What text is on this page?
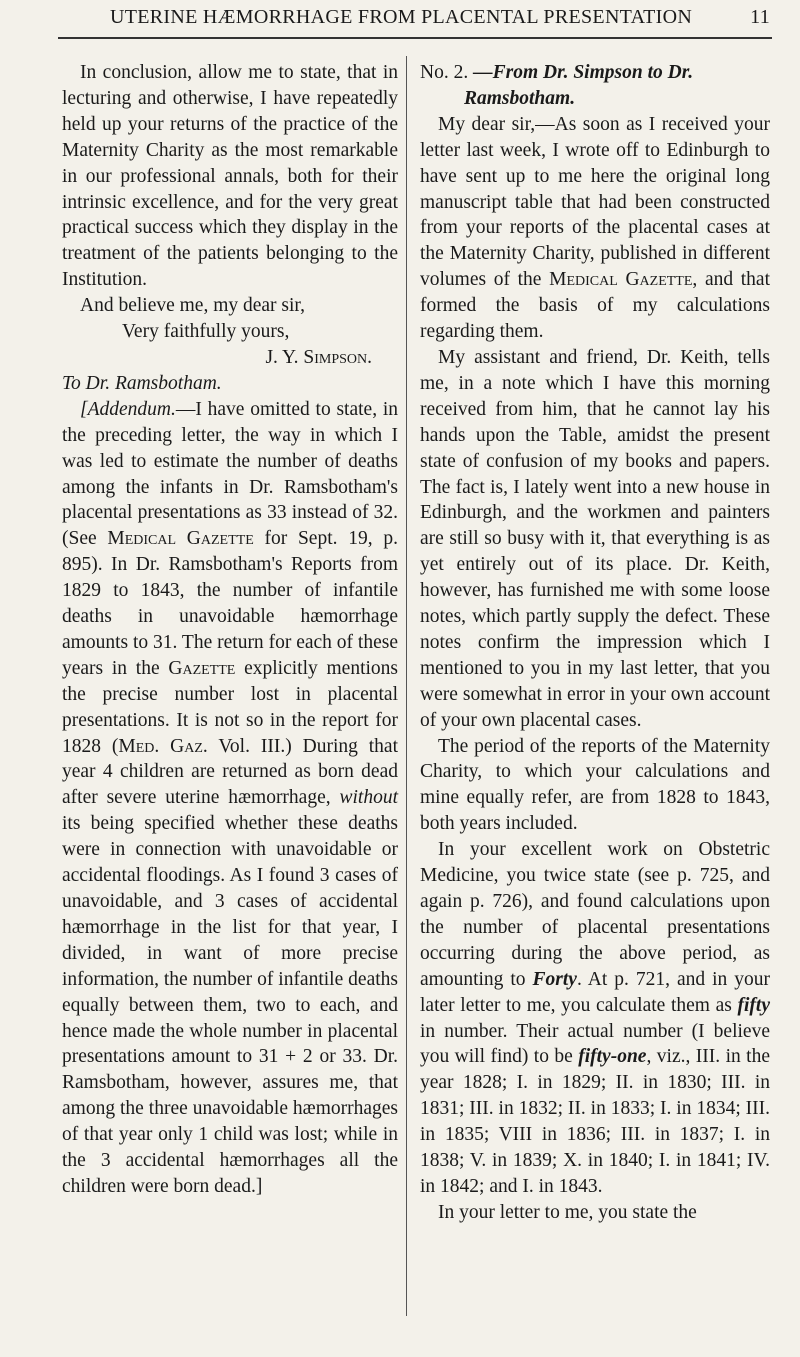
UTERINE HÆMORRHAGE FROM PLACENTAL PRESENTATION	11

In conclusion, allow me to state, that in lecturing and otherwise, I have repeatedly held up your returns of the practice of the Maternity Charity as the most remarkable in our professional annals, both for their intrinsic excellence, and for the very great practical success which they display in the treatment of the patients belonging to the Institution.

And believe me, my dear sir,

Very faithfully yours,

J. Y. Simpson.

To Dr. Ramsbotham.

[Addendum.—I have omitted to state, in the preceding letter, the way in which I was led to estimate the number of deaths among the infants in Dr. Ramsbotham's placental presentations as 33 instead of 32. (See Medical Gazette for Sept. 19, p. 895). In Dr. Ramsbotham's Reports from 1829 to 1843, the number of infantile deaths in unavoidable hæmorrhage amounts to 31. The return for each of these years in the Gazette explicitly mentions the precise number lost in placental presentations. It is not so in the report for 1828 (Med. Gaz. Vol. III.) During that year 4 children are returned as born dead after severe uterine hæmorrhage, without its being specified whether these deaths were in connection with unavoidable or accidental floodings. As I found 3 cases of unavoidable, and 3 cases of accidental hæmorrhage in the list for that year, I divided, in want of more precise information, the number of infantile deaths equally between them, two to each, and hence made the whole number in placental presentations amount to 31 + 2 or 33. Dr. Ramsbotham, however, assures me, that among the three unavoidable hæmorrhages of that year only 1 child was lost; while in the 3 accidental hæmorrhages all the children were born dead.]

No. 2. —From Dr. Simpson to Dr.
Ramsbotham.

My dear sir,—As soon as I received your letter last week, I wrote off to Edinburgh to have sent up to me here the original long manuscript table that had been constructed from your reports of the placental cases at the Maternity Charity, published in different volumes of the Medical Gazette, and that formed the basis of my calculations regarding them.

My assistant and friend, Dr. Keith, tells me, in a note which I have this morning received from him, that he cannot lay his hands upon the Table, amidst the present state of confusion of my books and papers. The fact is, I lately went into a new house in Edinburgh, and the workmen and painters are still so busy with it, that everything is as yet entirely out of its place. Dr. Keith, however, has furnished me with some loose notes, which partly supply the defect. These notes confirm the impression which I mentioned to you in my last letter, that you were somewhat in error in your own account of your own placental cases.

The period of the reports of the Maternity Charity, to which your calculations and mine equally refer, are from 1828 to 1843, both years included.

In your excellent work on Obstetric Medicine, you twice state (see p. 725, and again p. 726), and found calculations upon the number of placental presentations occurring during the above period, as amounting to Forty. At p. 721, and in your later letter to me, you calculate them as fifty in number. Their actual number (I believe you will find) to be fifty-one, viz., III. in the year 1828; I. in 1829; II. in 1830; III. in 1831; III. in 1832; II. in 1833; I. in 1834; III. in 1835; VIII in 1836; III. in 1837; I. in 1838; V. in 1839; X. in 1840; I. in 1841; IV. in 1842; and I. in 1843.

In your letter to me, you state the
